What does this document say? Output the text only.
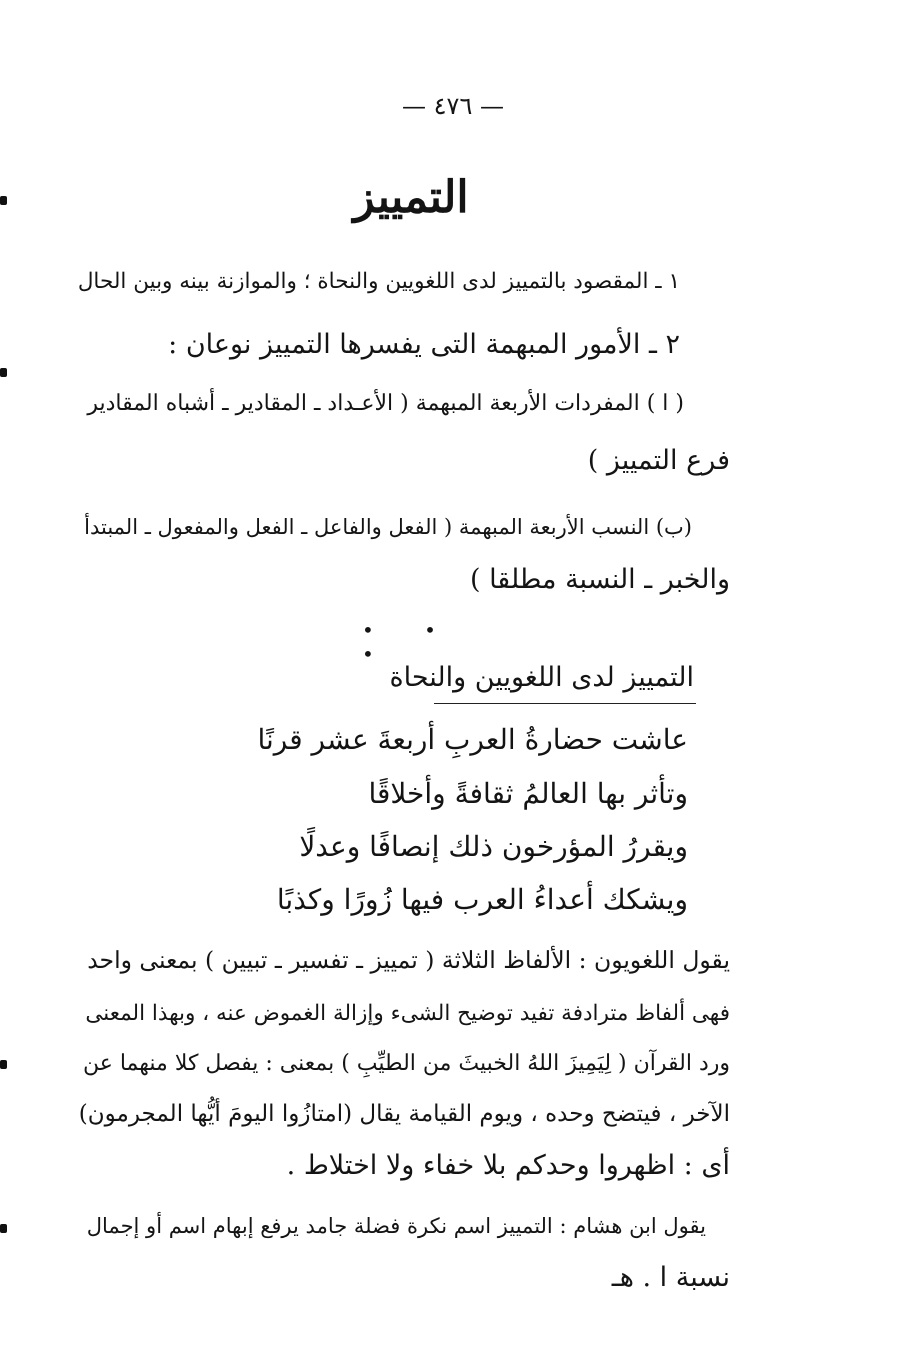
— ٤٧٦ —
التمييز
١ ـ المقصود بالتمييز لدى اللغويين والنحاة ؛ والموازنة بينه وبين الحال
٢ ـ الأمور المبهمة التى يفسرها التمييز نوعان :
( ا ) المفردات الأربعة المبهمة ( الأعـداد ـ المقادير ـ أشباه المقادير
فرع التمييز )
(ب) النسب الأربعة المبهمة ( الفعل والفاعل ـ الفعل والمفعول ـ المبتدأ
والخبر ـ النسبة مطلقا )
• • •
التمييز لدى اللغويين والنحاة
عاشت حضارةُ العربِ أربعةَ عشر قرنًا
وتأثر بها العالمُ ثقافةً وأخلاقًا
ويقررُ المؤرخون ذلك إنصافًا وعدلًا
ويشكك أعداءُ العرب فيها زُورًا وكذبًا
يقول اللغويون : الألفاظ الثلاثة ( تمييز ـ تفسير ـ تبيين ) بمعنى واحد
فهى ألفاظ مترادفة تفيد توضيح الشىء وإزالة الغموض عنه ، وبهذا المعنى
ورد القرآن ( لِيَمِيزَ اللهُ الخبيثَ من الطيِّبِ ) بمعنى : يفصل كلا منهما عن
الآخر ، فيتضح وحده ، ويوم القيامة يقال (امتازُوا اليومَ أيُّها المجرمون)
أى : اظهروا وحدكم بلا خفاء ولا اختلاط .
يقول ابن هشام : التمييز اسم نكرة فضلة جامد يرفع إبهام اسم أو إجمال
نسبة ا . هـ
